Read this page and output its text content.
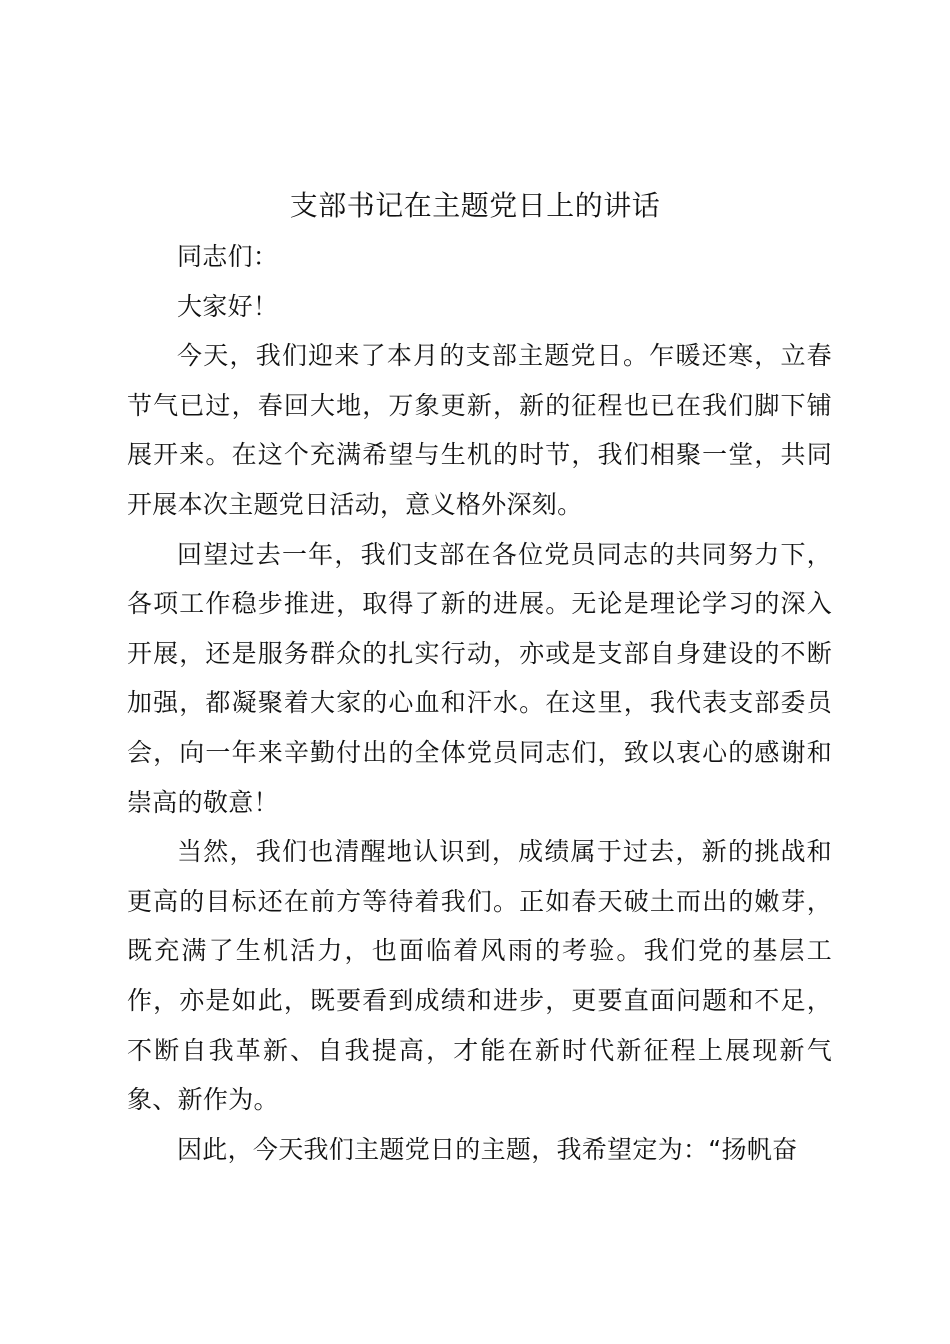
支部书记在主题党日上的讲话

同志们：

大家好！

今天，我们迎来了本月的支部主题党日。乍暖还寒，立春节气已过，春回大地，万象更新，新的征程也已在我们脚下铺展开来。在这个充满希望与生机的时节，我们相聚一堂，共同开展本次主题党日活动，意义格外深刻。

回望过去一年，我们支部在各位党员同志的共同努力下，各项工作稳步推进，取得了新的进展。无论是理论学习的深入开展，还是服务群众的扎实行动，亦或是支部自身建设的不断加强，都凝聚着大家的心血和汗水。在这里，我代表支部委员会，向一年来辛勤付出的全体党员同志们，致以衷心的感谢和崇高的敬意！

当然，我们也清醒地认识到，成绩属于过去，新的挑战和更高的目标还在前方等待着我们。正如春天破土而出的嫩芽，既充满了生机活力，也面临着风雨的考验。我们党的基层工作，亦是如此，既要看到成绩和进步，更要直面问题和不足，不断自我革新、自我提高，才能在新时代新征程上展现新气象、新作为。

因此，今天我们主题党日的主题，我希望定为：“扬帆奋
